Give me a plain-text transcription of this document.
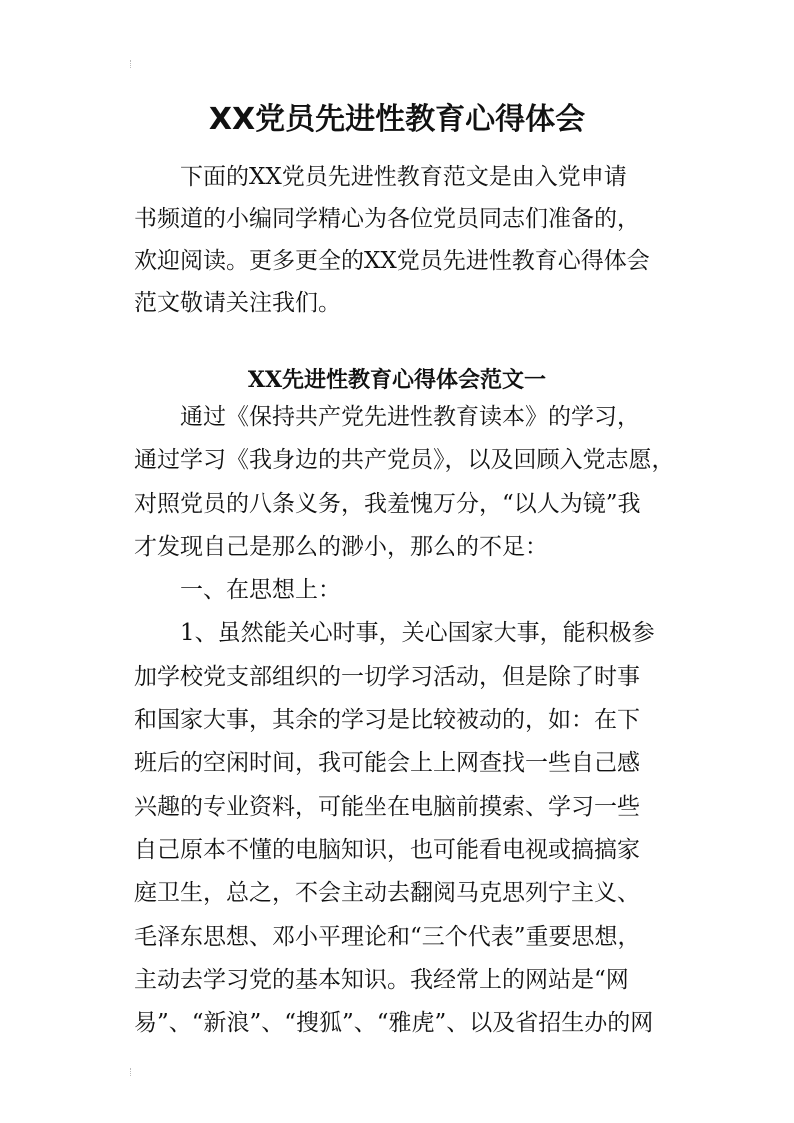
XX党员先进性教育心得体会
下面的XX党员先进性教育范文是由入党申请
书频道的小编同学精心为各位党员同志们准备的，
欢迎阅读。更多更全的XX党员先进性教育心得体会
范文敬请关注我们。
XX先进性教育心得体会范文一
通过《保持共产党先进性教育读本》的学习，
通过学习《我身边的共产党员》，以及回顾入党志愿，
对照党员的八条义务，我羞愧万分，“以人为镜”我
才发现自己是那么的渺小，那么的不足：
一、在思想上：
1、虽然能关心时事，关心国家大事，能积极参
加学校党支部组织的一切学习活动，但是除了时事
和国家大事，其余的学习是比较被动的，如：在下
班后的空闲时间，我可能会上上网查找一些自己感
兴趣的专业资料，可能坐在电脑前摸索、学习一些
自己原本不懂的电脑知识，也可能看电视或搞搞家
庭卫生，总之，不会主动去翻阅马克思列宁主义、
毛泽东思想、邓小平理论和“三个代表”重要思想，
主动去学习党的基本知识。我经常上的网站是“网
易”、“新浪”、“搜狐”、“雅虎”、以及省招生办的网
